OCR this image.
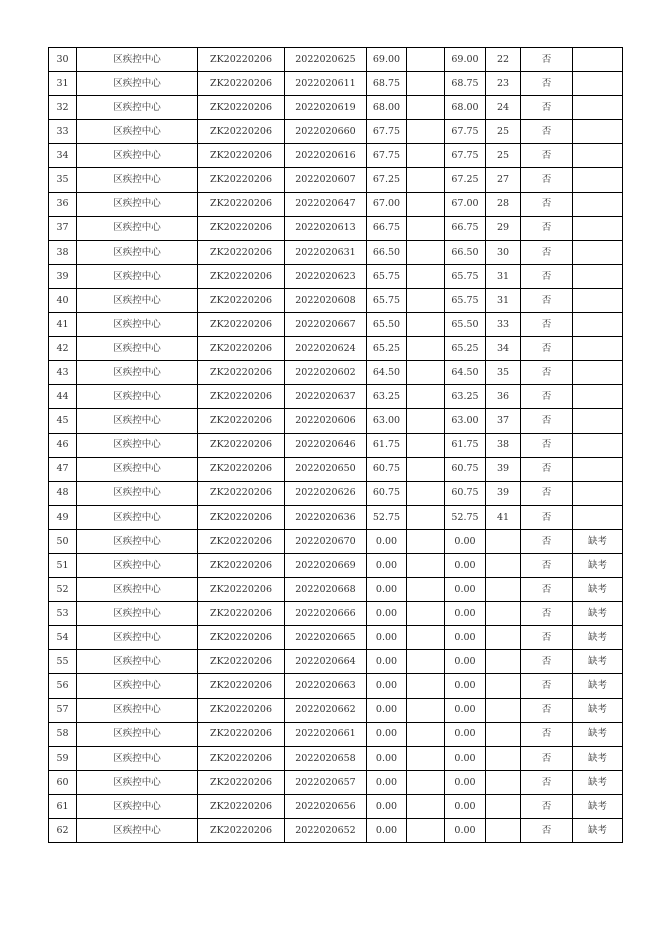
30	区疾控中心	ZK20220206	2022020625	69.00		69.00	22	否	
31	区疾控中心	ZK20220206	2022020611	68.75		68.75	23	否	
32	区疾控中心	ZK20220206	2022020619	68.00		68.00	24	否	
33	区疾控中心	ZK20220206	2022020660	67.75		67.75	25	否	
34	区疾控中心	ZK20220206	2022020616	67.75		67.75	25	否	
35	区疾控中心	ZK20220206	2022020607	67.25		67.25	27	否	
36	区疾控中心	ZK20220206	2022020647	67.00		67.00	28	否	
37	区疾控中心	ZK20220206	2022020613	66.75		66.75	29	否	
38	区疾控中心	ZK20220206	2022020631	66.50		66.50	30	否	
39	区疾控中心	ZK20220206	2022020623	65.75		65.75	31	否	
40	区疾控中心	ZK20220206	2022020608	65.75		65.75	31	否	
41	区疾控中心	ZK20220206	2022020667	65.50		65.50	33	否	
42	区疾控中心	ZK20220206	2022020624	65.25		65.25	34	否	
43	区疾控中心	ZK20220206	2022020602	64.50		64.50	35	否	
44	区疾控中心	ZK20220206	2022020637	63.25		63.25	36	否	
45	区疾控中心	ZK20220206	2022020606	63.00		63.00	37	否	
46	区疾控中心	ZK20220206	2022020646	61.75		61.75	38	否	
47	区疾控中心	ZK20220206	2022020650	60.75		60.75	39	否	
48	区疾控中心	ZK20220206	2022020626	60.75		60.75	39	否	
49	区疾控中心	ZK20220206	2022020636	52.75		52.75	41	否	
50	区疾控中心	ZK20220206	2022020670	0.00		0.00		否	缺考
51	区疾控中心	ZK20220206	2022020669	0.00		0.00		否	缺考
52	区疾控中心	ZK20220206	2022020668	0.00		0.00		否	缺考
53	区疾控中心	ZK20220206	2022020666	0.00		0.00		否	缺考
54	区疾控中心	ZK20220206	2022020665	0.00		0.00		否	缺考
55	区疾控中心	ZK20220206	2022020664	0.00		0.00		否	缺考
56	区疾控中心	ZK20220206	2022020663	0.00		0.00		否	缺考
57	区疾控中心	ZK20220206	2022020662	0.00		0.00		否	缺考
58	区疾控中心	ZK20220206	2022020661	0.00		0.00		否	缺考
59	区疾控中心	ZK20220206	2022020658	0.00		0.00		否	缺考
60	区疾控中心	ZK20220206	2022020657	0.00		0.00		否	缺考
61	区疾控中心	ZK20220206	2022020656	0.00		0.00		否	缺考
62	区疾控中心	ZK20220206	2022020652	0.00		0.00		否	缺考
